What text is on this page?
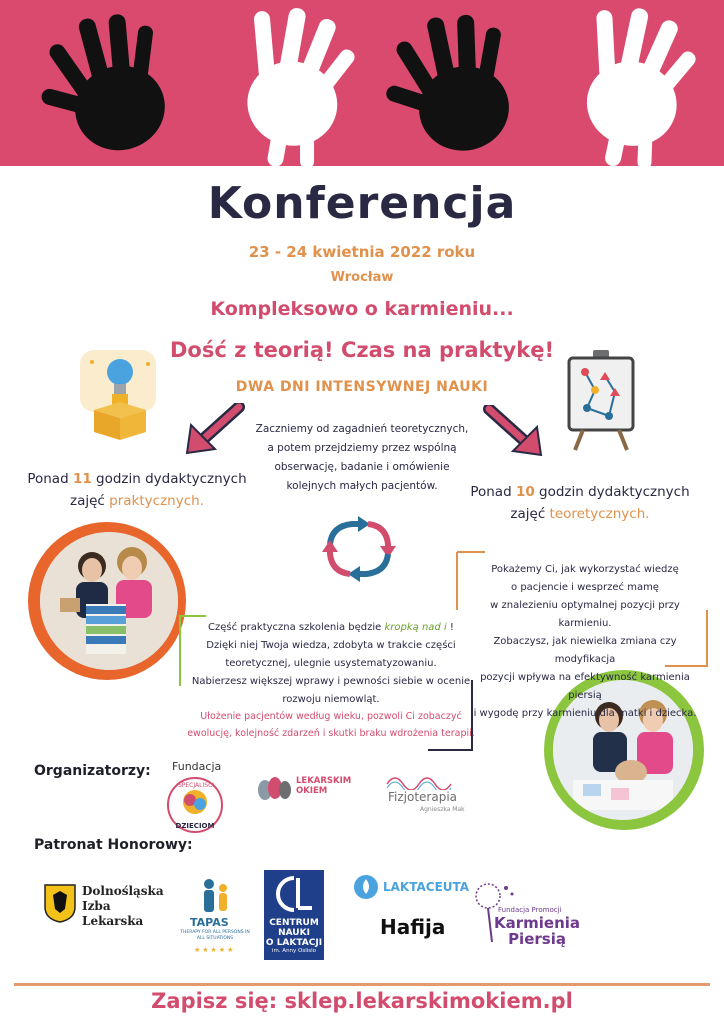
Konferencja
23 - 24 kwietnia 2022 roku
Wrocław
Kompleksowo o karmieniu...
Dość z teorią! Czas na praktykę!
DWA DNI INTENSYWNEJ NAUKI
Zaczniemy od zagadnień teoretycznych,
a potem przejdziemy przez wspólną
obserwację, badanie i omówienie
kolejnych małych pacjentów.
Ponad 11 godzin dydaktycznych
zajęć praktycznych.
Ponad 10 godzin dydaktycznych
zajęć teoretycznych.
Pokażemy Ci, jak wykorzystać wiedzę
o pacjencie i wesprzeć mamę
w znalezieniu optymalnej pozycji przy karmieniu.
Zobaczysz, jak niewielka zmiana czy modyfikacja
pozycji wpływa na efektywność karmienia piersią
i wygodę przy karmieniu dla matki i dziecka.
Część praktyczna szkolenia będzie kropką nad i !
Dzięki niej Twoja wiedza, zdobyta w trakcie części
teoretycznej, ulegnie usystematyzowaniu.
Nabierzesz większej wprawy i pewności siebie w ocenie
rozwoju niemowląt.
Ułożenie pacjentów według wieku, pozwoli Ci zobaczyć
ewolucję, kolejność zdarzeń i skutki braku wdrożenia terapii.
Organizatorzy: Fundacja
SPECJALIŚCI
DZIECIOM
LEKARSKIM
OKIEM	Fizjoterapia
Agnieszka Mak
Patronat Honorowy:
Dolnośląska
Izba
Lekarska	TAPAS
THERAPY FOR ALL PERSONS IN ALL SITUATIONS
★★★★★
CENTRUM
NAUKI
O LAKTACJI
im. Anny Oslislo
LAKTACEUTA
Hafija
Fundacja Promocji
Karmienia
Piersią
Zapisz się: sklep.lekarskimokiem.pl
